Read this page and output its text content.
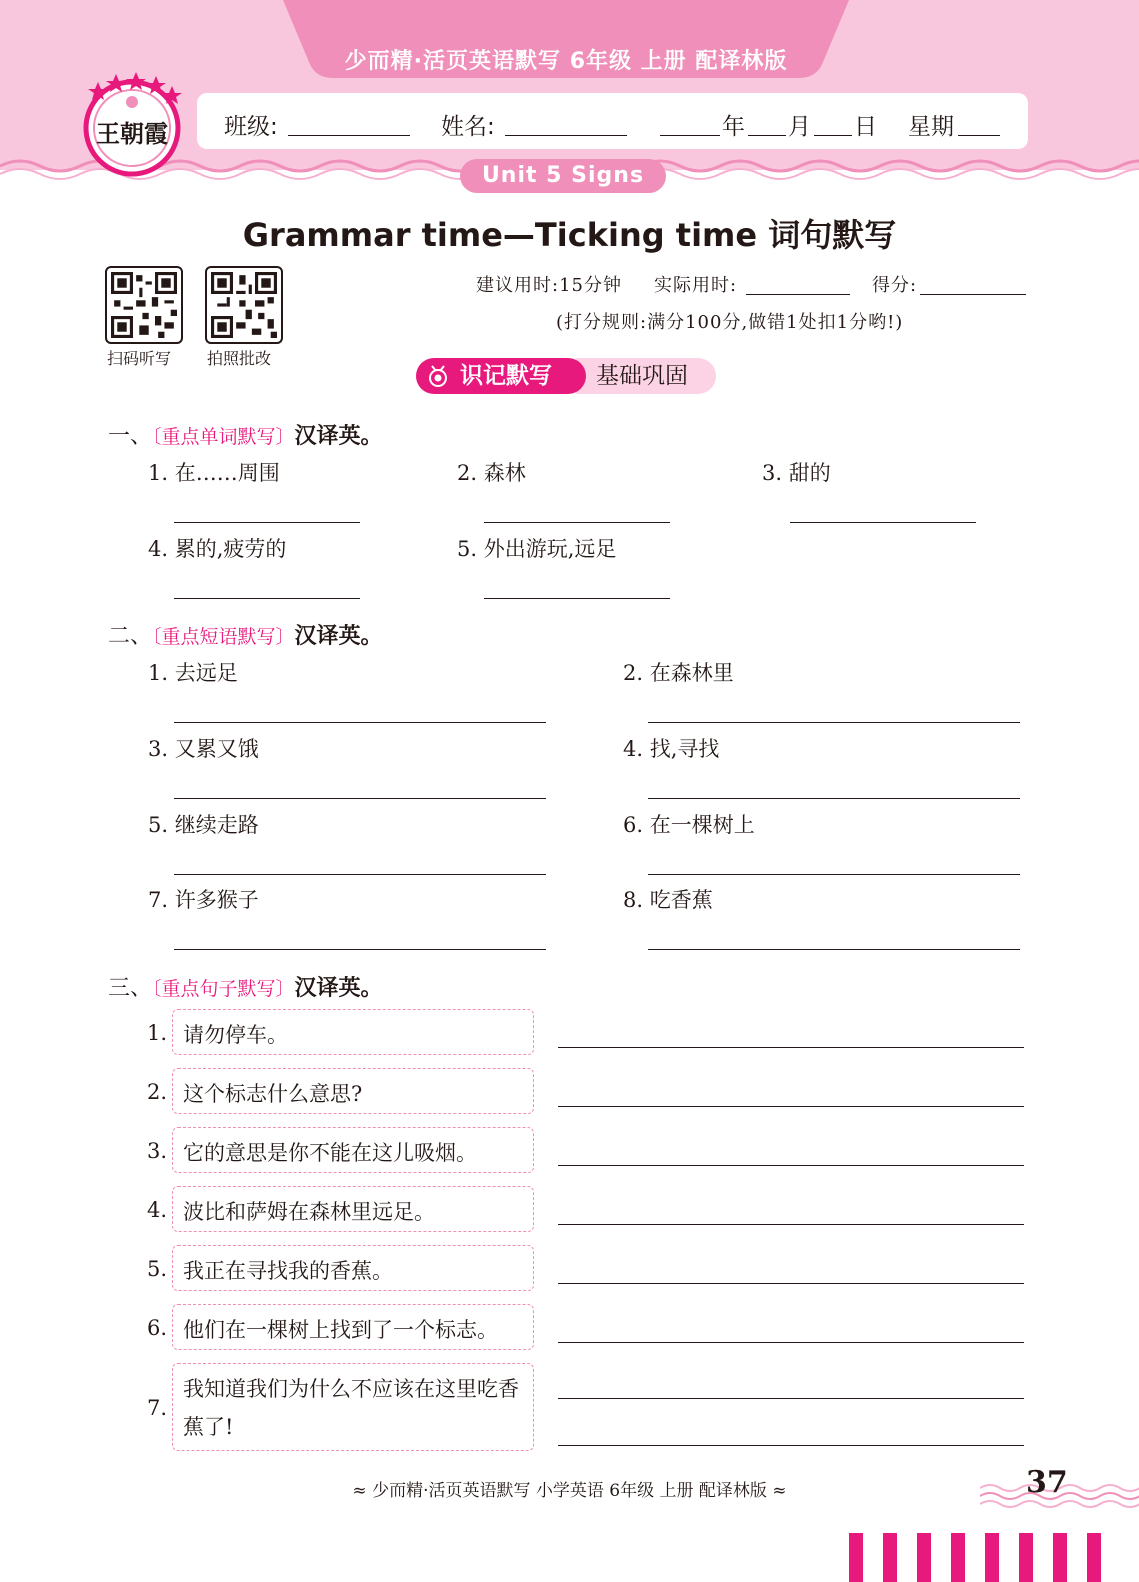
少而精·活页英语默写 6年级 上册 配译林版
王朝霞 班级:	姓名:	年 月 日 星期
Unit 5 Signs
Grammar time—Ticking time 词句默写
扫码听写 拍照批改
建议用时:15分钟 实际用时:	得分:
(打分规则:满分100分,做错1处扣1分哟!)
基础巩固
识记默写
一、〔重点单词默写〕汉译英。
1. 在……周围	2. 森林	3. 甜的
4. 累的,疲劳的	5. 外出游玩,远足
二、〔重点短语默写〕汉译英。
1. 去远足	2. 在森林里
3. 又累又饿	4. 找,寻找
5. 继续走路	6. 在一棵树上
7. 许多猴子	8. 吃香蕉
三、〔重点句子默写〕汉译英。
1. 请勿停车。
2. 这个标志什么意思?
3. 它的意思是你不能在这儿吸烟。
4. 波比和萨姆在森林里远足。
5. 我正在寻找我的香蕉。
6. 他们在一棵树上找到了一个标志。
7.
我知道我们为什么不应该在这里吃香蕉了!
≈ 少而精·活页英语默写 小学英语 6年级 上册 配译林版 ≈	37
